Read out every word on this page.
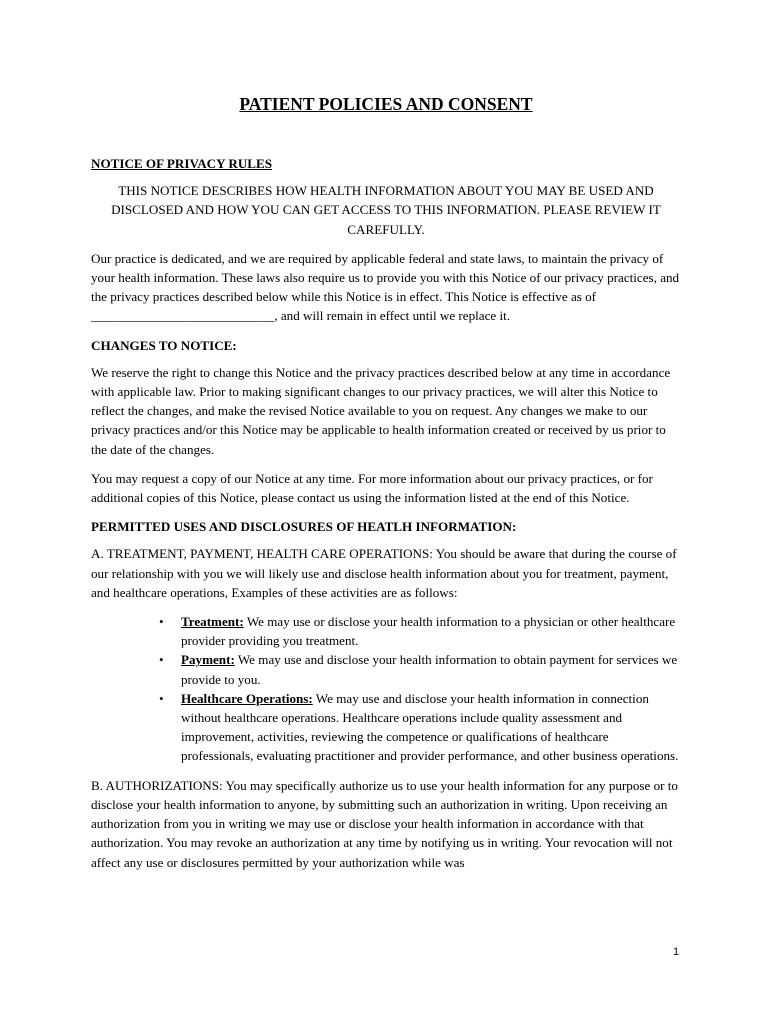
PATIENT POLICIES AND CONSENT

NOTICE OF PRIVACY RULES

THIS NOTICE DESCRIBES HOW HEALTH INFORMATION ABOUT YOU MAY BE USED AND
DISCLOSED AND HOW YOU CAN GET ACCESS TO THIS INFORMATION. PLEASE REVIEW IT
CAREFULLY.

Our practice is dedicated, and we are required by applicable federal and state laws, to maintain the privacy of your health information. These laws also require us to provide you with this Notice of our privacy practices, and the privacy practices described below while this Notice is in effect. This Notice is effective as of ____________________________, and will remain in effect until we replace it.

CHANGES TO NOTICE:

We reserve the right to change this Notice and the privacy practices described below at any time in accordance with applicable law. Prior to making significant changes to our privacy practices, we will alter this Notice to reflect the changes, and make the revised Notice available to you on request. Any changes we make to our privacy practices and/or this Notice may be applicable to health information created or received by us prior to the date of the changes.

You may request a copy of our Notice at any time. For more information about our privacy practices, or for additional copies of this Notice, please contact us using the information listed at the end of this Notice.

PERMITTED USES AND DISCLOSURES OF HEATLH INFORMATION:

A. TREATMENT, PAYMENT, HEALTH CARE OPERATIONS: You should be aware that during the course of our relationship with you we will likely use and disclose health information about you for treatment, payment, and healthcare operations, Examples of these activities are as follows:

• Treatment: We may use or disclose your health information to a physician or other healthcare provider providing you treatment.
• Payment: We may use and disclose your health information to obtain payment for services we provide to you.
• Healthcare Operations: We may use and disclose your health information in connection without healthcare operations. Healthcare operations include quality assessment and improvement, activities, reviewing the competence or qualifications of healthcare professionals, evaluating practitioner and provider performance, and other business operations.

B. AUTHORIZATIONS: You may specifically authorize us to use your health information for any purpose or to disclose your health information to anyone, by submitting such an authorization in writing. Upon receiving an authorization from you in writing we may use or disclose your health information in accordance with that authorization. You may revoke an authorization at any time by notifying us in writing. Your revocation will not affect any use or disclosures permitted by your authorization while was

1
